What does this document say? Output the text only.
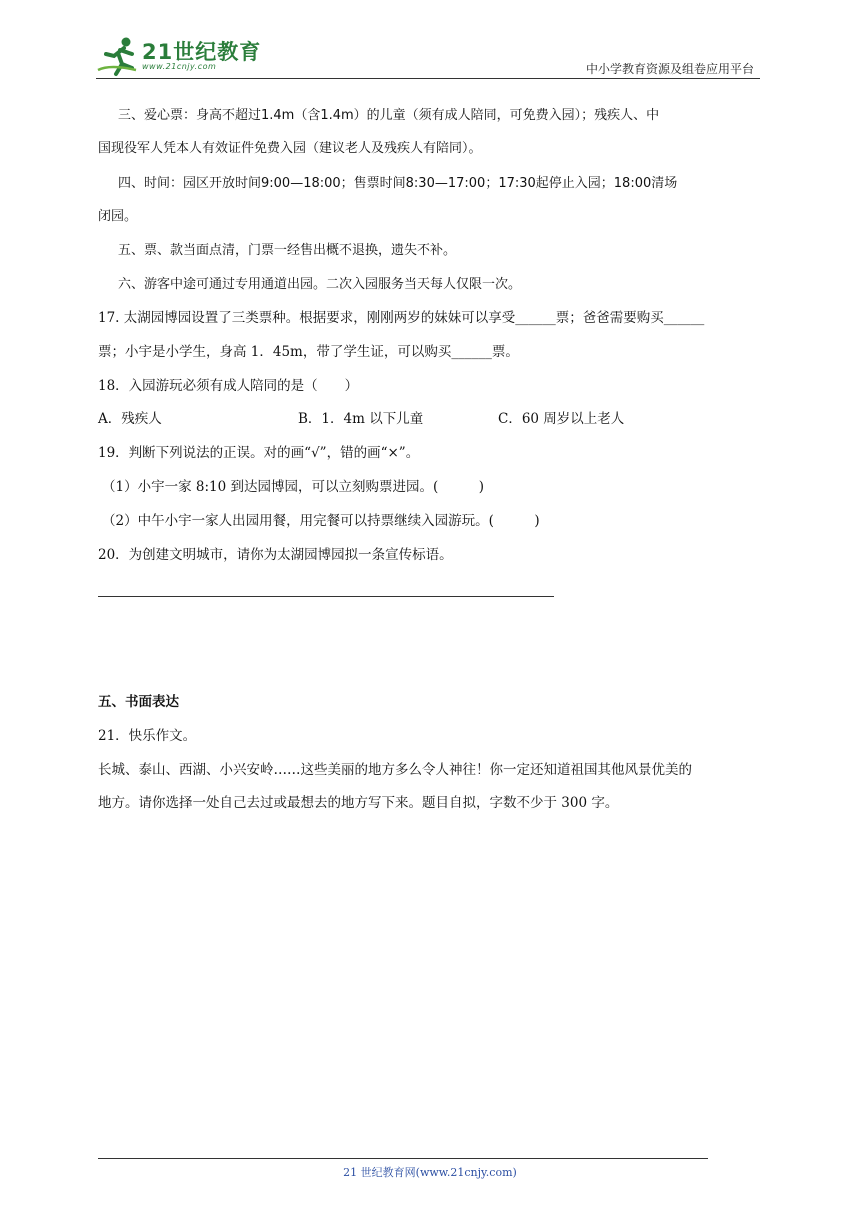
21世纪教育
www.21cnjy.com	中小学教育资源及组卷应用平台
三、爱心票：身高不超过1.4m（含1.4m）的儿童（须有成人陪同，可免费入园）；残疾人、中
国现役军人凭本人有效证件免费入园（建议老人及残疾人有陪同）。
四、时间：园区开放时间9:00—18:00；售票时间8:30—17:00；17:30起停止入园；18:00清场
闭园。
五、票、款当面点清，门票一经售出概不退换，遗失不补。
六、游客中途可通过专用通道出园。二次入园服务当天每人仅限一次。
17. 太湖园博园设置了三类票种。根据要求，刚刚两岁的妹妹可以享受______票；爸爸需要购买______
票；小宇是小学生，身高 1．45m，带了学生证，可以购买______票。
18．入园游玩必须有成人陪同的是（　　）
A．残疾人	B．1．4m 以下儿童	C．60 周岁以上老人
19．判断下列说法的正误。对的画“√”，错的画“×”。
（1）小宇一家 8:10 到达园博园，可以立刻购票进园。(　　　)
（2）中午小宇一家人出园用餐，用完餐可以持票继续入园游玩。(　　　)
20．为创建文明城市，请你为太湖园博园拟一条宣传标语。
五、书面表达
21．快乐作文。
长城、泰山、西湖、小兴安岭……这些美丽的地方多么令人神往！你一定还知道祖国其他风景优美的
地方。请你选择一处自己去过或最想去的地方写下来。题目自拟，字数不少于 300 字。
21 世纪教育网(www.21cnjy.com)
